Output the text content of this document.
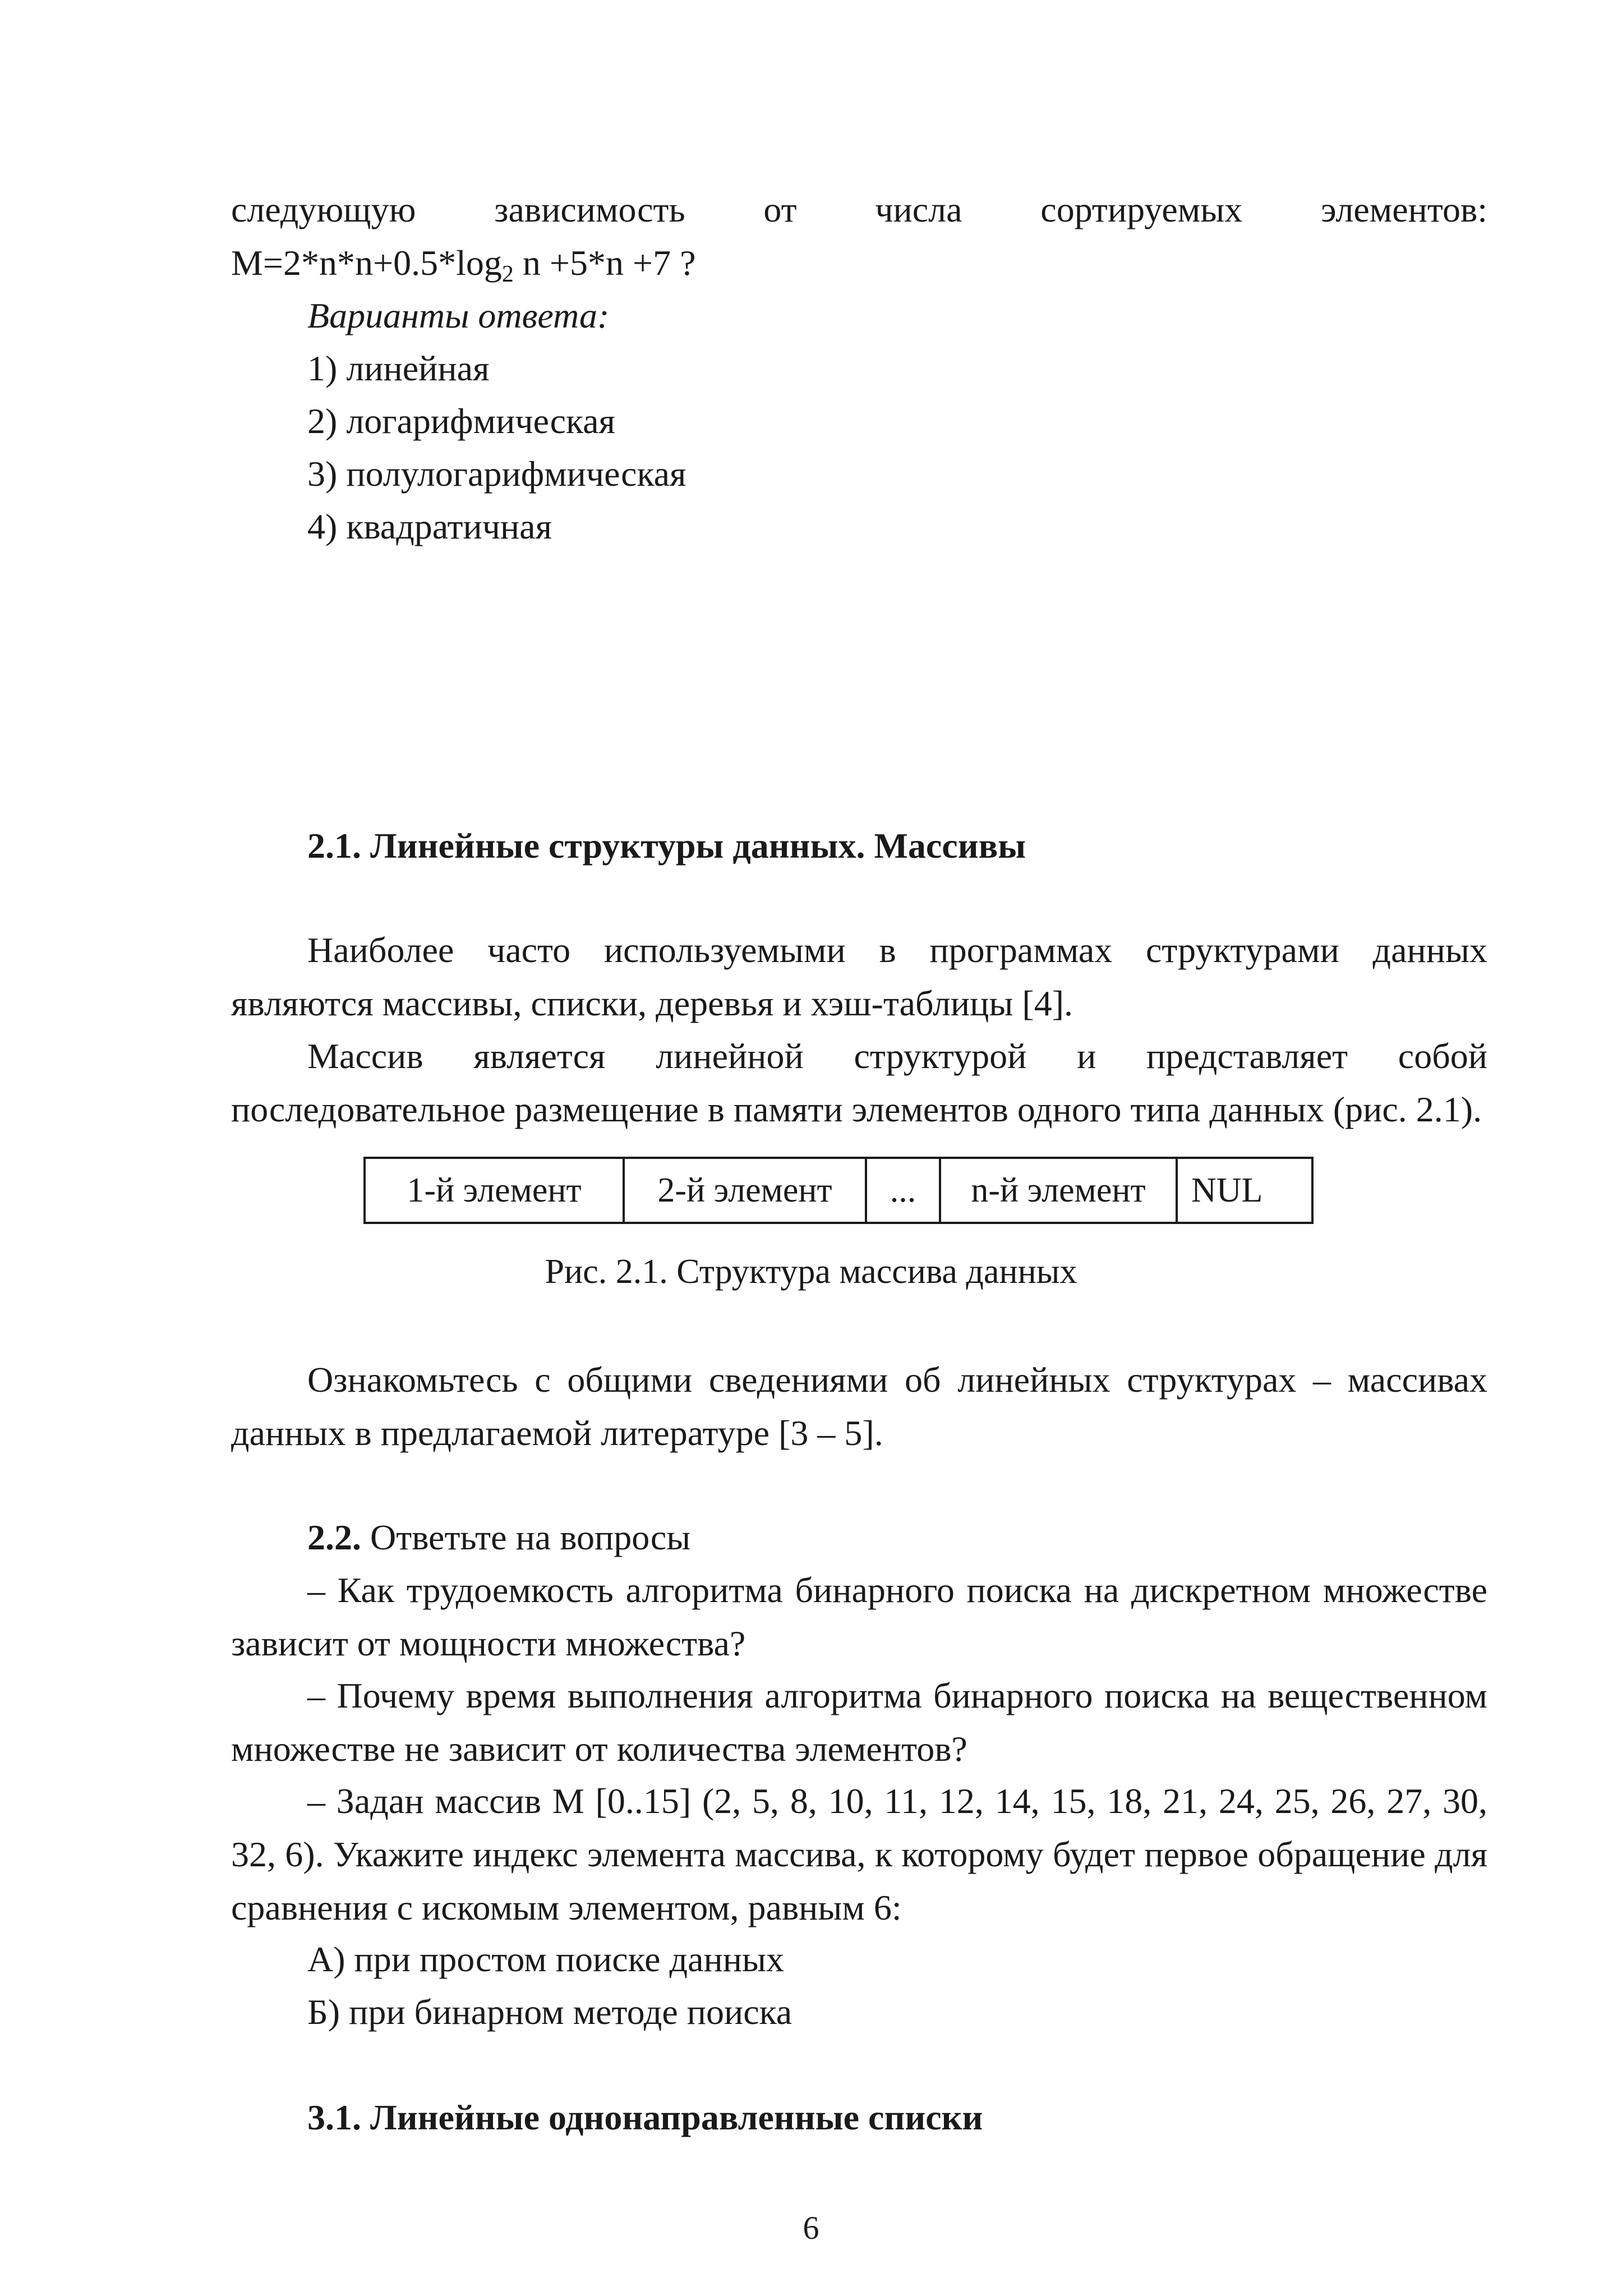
следующую зависимость от числа сортируемых элементов:
$M=2*n*n+0.5*\log_2$ n +5*n +7 ?
Варианты ответа:
1) линейная
2) логарифмическая
3) полулогарифмическая
4) квадратичная
2.1. Линейные структуры данных. Массивы
Наиболее часто используемыми в программах структурами данных являются массивы, списки, деревья и хэш-таблицы [4].
Массив является линейной структурой и представляет собой последовательное размещение в памяти элементов одного типа данных (рис. 2.1).
1-й элемент	2-й элемент	...	n-й элемент	NUL
Рис. 2.1. Структура массива данных
Ознакомьтесь с общими сведениями об линейных структурах – массивах данных в предлагаемой литературе [3 – 5].
2.2. Ответьте на вопросы
– Как трудоемкость алгоритма бинарного поиска на дискретном множестве зависит от мощности множества?
– Почему время выполнения алгоритма бинарного поиска на вещественном множестве не зависит от количества элементов?
– Задан массив М [0..15] (2, 5, 8, 10, 11, 12, 14, 15, 18, 21, 24, 25, 26, 27, 30, 32, 6). Укажите индекс элемента массива, к которому будет первое обращение для сравнения с искомым элементом, равным 6:
А) при простом поиске данных
Б) при бинарном методе поиска
3.1. Линейные однонаправленные списки
6
